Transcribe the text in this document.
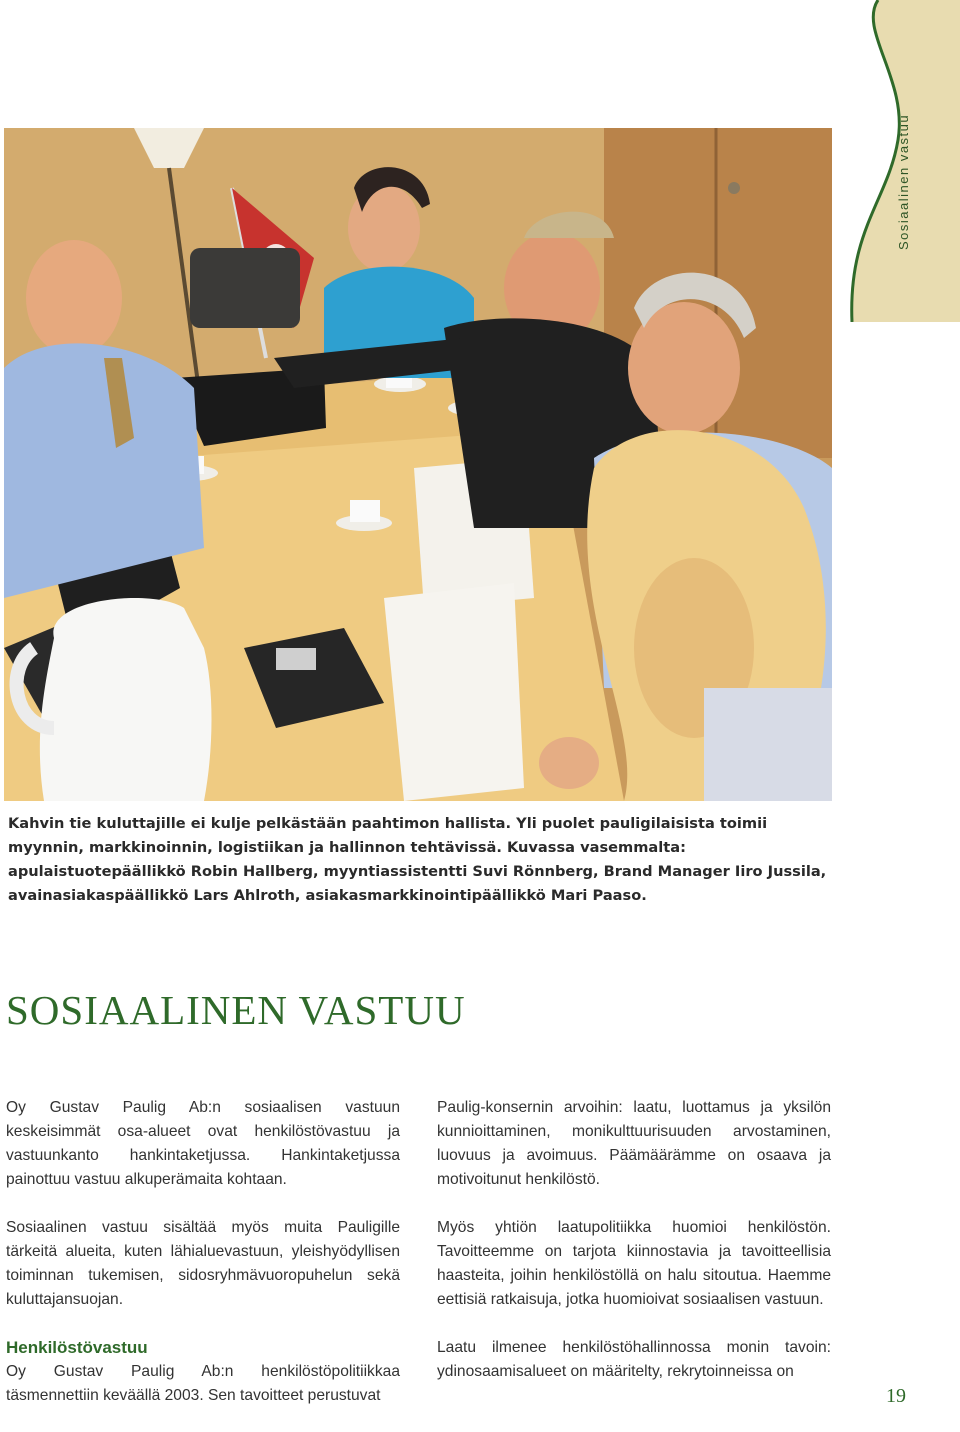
Sosiaalinen vastuu

Kahvin tie kuluttajille ei kulje pelkästään paahtimon hallista. Yli puolet pauligilaisista toimii myynnin, markkinoinnin, logistiikan ja hallinnon tehtävissä. Kuvassa vasemmalta: apulaistuotepäällikkö Robin Hallberg, myyntiassistentti Suvi Rönnberg, Brand Manager Iiro Jussila, avainasiakaspäällikkö Lars Ahlroth, asiakasmarkkinointipäällikkö Mari Paaso.

SOSIAALINEN VASTUU

Oy Gustav Paulig Ab:n sosiaalisen vastuun keskeisimmät osa-alueet ovat henkilöstövastuu ja vastuunkanto hankintaketjussa. Hankintaketjussa painottuu vastuu alkuperämaita kohtaan.

Sosiaalinen vastuu sisältää myös muita Pauligille tärkeitä alueita, kuten lähialuevastuun, yleishyödyllisen toiminnan tukemisen, sidosryhmävuoropuhelun sekä kuluttajansuojan.

Henkilöstövastuu

Oy Gustav Paulig Ab:n henkilöstöpolitiikkaa täsmennettiin keväällä 2003. Sen tavoitteet perustuvat

Paulig-konsernin arvoihin: laatu, luottamus ja yksilön kunnioittaminen, monikulttuurisuuden arvostaminen, luovuus ja avoimuus. Päämäärämme on osaava ja motivoitunut henkilöstö.

Myös yhtiön laatupolitiikka huomioi henkilöstön. Tavoitteemme on tarjota kiinnostavia ja tavoitteellisia haasteita, joihin henkilöstöllä on halu sitoutua. Haemme eettisiä ratkaisuja, jotka huomioivat sosiaalisen vastuun.

Laatu ilmenee henkilöstöhallinnossa monin tavoin: ydinosaamisalueet on määritelty, rekrytoinneissa on

19
